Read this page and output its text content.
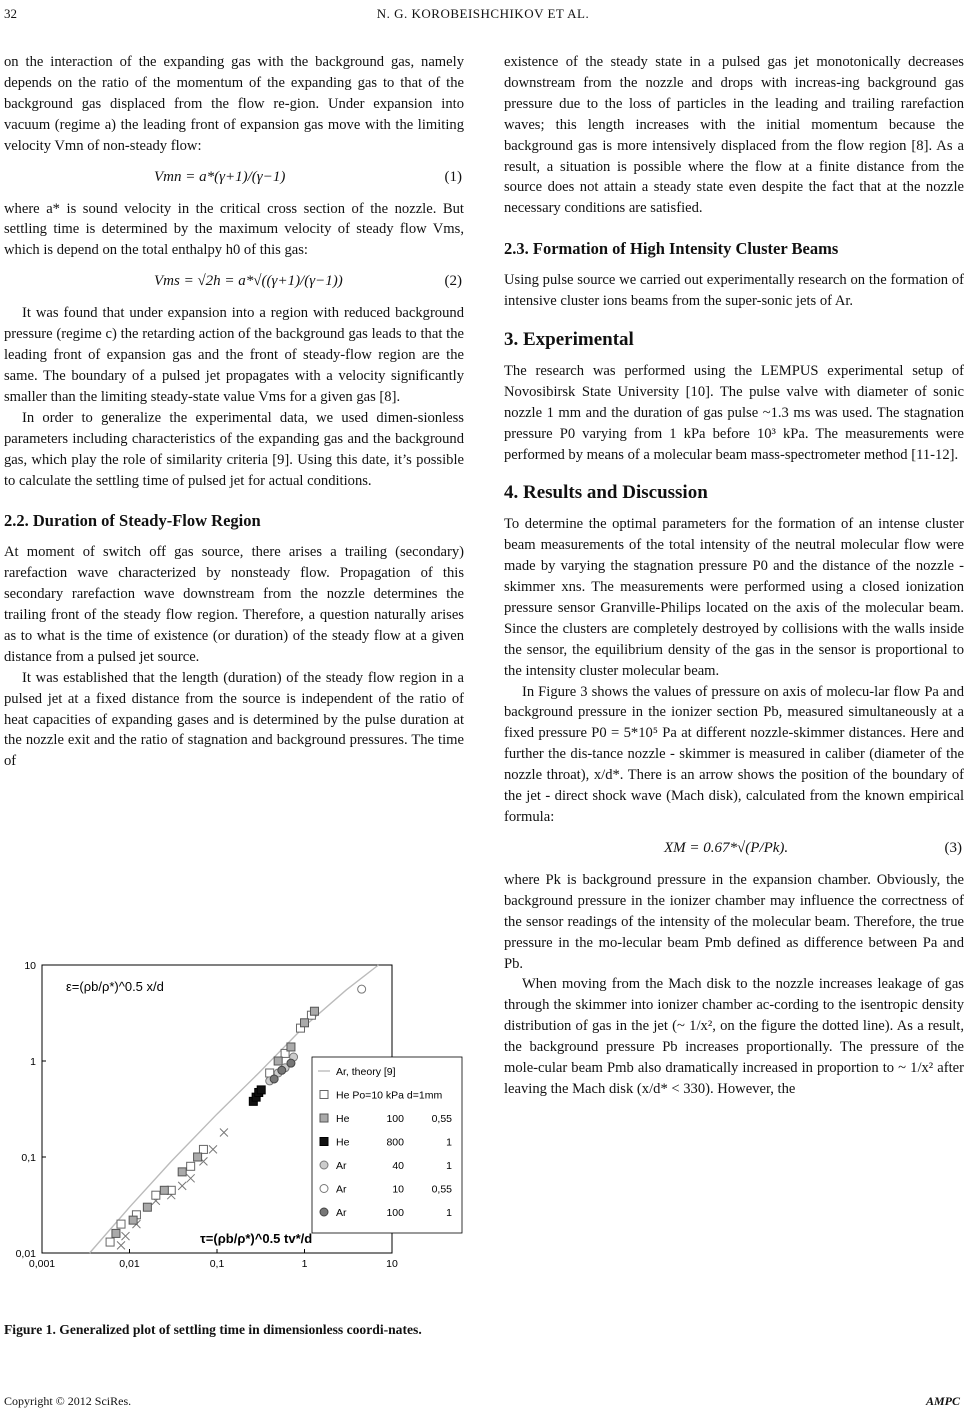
32	N. G. KOROBEISHCHIKOV ET AL.

on the interaction of the expanding gas with the background gas, namely depends on the ratio of the momentum of the expanding gas to that of the background gas displaced from the flow re-gion. Under expansion into vacuum (regime a) the leading front of expansion gas move with the limiting velocity Vmn of non-steady flow:

Vmn = a*(γ+1)/(γ−1)	(1)

where a* is sound velocity in the critical cross section of the nozzle. But settling time is determined by the maximum velocity of steady flow Vms, which is depend on the total enthalpy h0 of this gas:

Vms = √2h = a*√((γ+1)/(γ−1))	(2)

It was found that under expansion into a region with reduced background pressure (regime c) the retarding action of the background gas leads to that the leading front of expansion gas and the front of steady-flow region are the same. The boundary of a pulsed jet propagates with a velocity significantly smaller than the limiting steady-state value Vms for a given gas [8].

In order to generalize the experimental data, we used dimen-sionless parameters including characteristics of the expanding gas and the background gas, which play the role of similarity criteria [9]. Using this date, it’s possible to calculate the settling time of pulsed jet for actual conditions.

2.2. Duration of Steady-Flow Region

At moment of switch off gas source, there arises a trailing (secondary) rarefaction wave characterized by nonsteady flow. Propagation of this secondary rarefaction wave downstream from the nozzle determines the trailing front of the steady flow region. Therefore, a question naturally arises as to what is the time of existence (or duration) of the steady flow at a given distance from a pulsed jet source.

It was established that the length (duration) of the steady flow region in a pulsed jet at a fixed distance from the source is independent of the ratio of heat capacities of expanding gases and is determined by the pulse duration at the nozzle exit and the ratio of stagnation and background pressures. The time of

existence of the steady state in a pulsed gas jet monotonically decreases downstream from the nozzle and drops with increas-ing background gas pressure due to the loss of particles in the leading and trailing rarefaction waves; this length increases with the initial momentum because the background gas is more intensively displaced from the flow region [8]. As a result, a situation is possible where the flow at a finite distance from the source does not attain a steady state even despite the fact that at the nozzle necessary conditions are satisfied.

2.3. Formation of High Intensity Cluster Beams

Using pulse source we carried out experimentally research on the formation of intensive cluster ions beams from the super-sonic jets of Ar.

3. Experimental

The research was performed using the LEMPUS experimental setup of Novosibirsk State University [10]. The pulse valve with diameter of sonic nozzle 1 mm and the duration of gas pulse ~1.3 ms was used. The stagnation pressure P0 varying from 1 kPa before 10³ kPa. The measurements were performed by means of a molecular beam mass-spectrometer method [11-12].

4. Results and Discussion

To determine the optimal parameters for the formation of an intense cluster beam measurements of the total intensity of the neutral molecular flow were made by varying the stagnation pressure P0 and the distance of the nozzle - skimmer xns. The measurements were performed using a closed ionization pressure sensor Granville-Philips located on the axis of the molecular beam. Since the clusters are completely destroyed by collisions with the walls inside the sensor, the equilibrium density of the gas in the sensor is proportional to the intensity cluster molecular beam.

In Figure 3 shows the values of pressure on axis of molecu-lar flow Pa and background pressure in the ionizer section Pb, measured simultaneously at a fixed pressure P0 = 5*10⁵ Pa at different nozzle-skimmer distances. Here and further the dis-tance nozzle - skimmer is measured in caliber (diameter of the nozzle throat), x/d*. There is an arrow shows the position of the boundary of the jet - direct shock wave (Mach disk), calculated from the known empirical formula:

XM = 0.67*√(P/Pk).	(3)

where Pk is background pressure in the expansion chamber. Obviously, the background pressure in the ionizer chamber may influence the correctness of the sensor readings of the intensity of the molecular beam. Therefore, the true pressure in the mo-lecular beam Pmb defined as difference between Pa and Pb.

When moving from the Mach disk to the nozzle increases leakage of gas through the skimmer into ionizer chamber ac-cording to the isentropic density distribution of gas in the jet (~ 1/x², on the figure the dotted line). As a result, the background pressure Pb increases proportionally. The pressure of the mole-cular beam Pmb also dramatically increased in proportion to ~ 1/x² after leaving the Mach disk (x/d* < 330). However, the

0,001	0,01	0,1	1	10
0,01
0,1
1
10
ε=(ρb/ρ*)^0.5 x/d
τ=(ρb/ρ*)^0.5 tv*/d
Ar, theory [9]
He Po=10 kPa d=1mm
He	100	0,55
He	800	1
Ar	40	1
Ar	10	0,55
Ar	100	1
Figure 1. Generalized plot of settling time in dimensionless coordi-nates.
Copyright © 2012 SciRes.	AMPC
